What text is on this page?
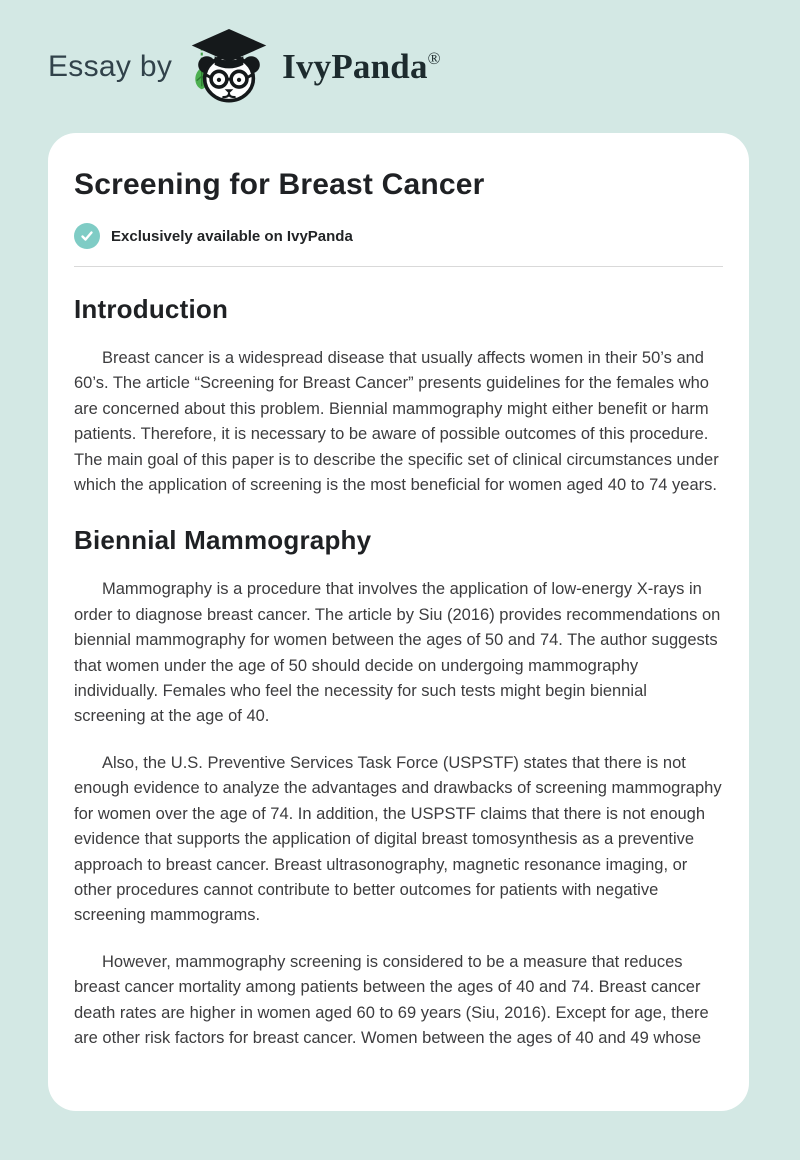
Essay by	IvyPanda®
Screening for Breast Cancer
Exclusively available on IvyPanda
Introduction

Breast cancer is a widespread disease that usually affects women in their 50’s and 60’s. The article “Screening for Breast Cancer” presents guidelines for the females who are concerned about this problem. Biennial mammography might either benefit or harm patients. Therefore, it is necessary to be aware of possible outcomes of this procedure. The main goal of this paper is to describe the specific set of clinical circumstances under which the application of screening is the most beneficial for women aged 40 to 74 years.

Biennial Mammography

Mammography is a procedure that involves the application of low-energy X-rays in order to diagnose breast cancer. The article by Siu (2016) provides recommendations on biennial mammography for women between the ages of 50 and 74. The author suggests that women under the age of 50 should decide on undergoing mammography individually. Females who feel the necessity for such tests might begin biennial screening at the age of 40.

Also, the U.S. Preventive Services Task Force (USPSTF) states that there is not enough evidence to analyze the advantages and drawbacks of screening mammography for women over the age of 74. In addition, the USPSTF claims that there is not enough evidence that supports the application of digital breast tomosynthesis as a preventive approach to breast cancer. Breast ultrasonography, magnetic resonance imaging, or other procedures cannot contribute to better outcomes for patients with negative screening mammograms.

However, mammography screening is considered to be a measure that reduces breast cancer mortality among patients between the ages of 40 and 74. Breast cancer death rates are higher in women aged 60 to 69 years (Siu, 2016). Except for age, there are other risk factors for breast cancer. Women between the ages of 40 and 49 whose
